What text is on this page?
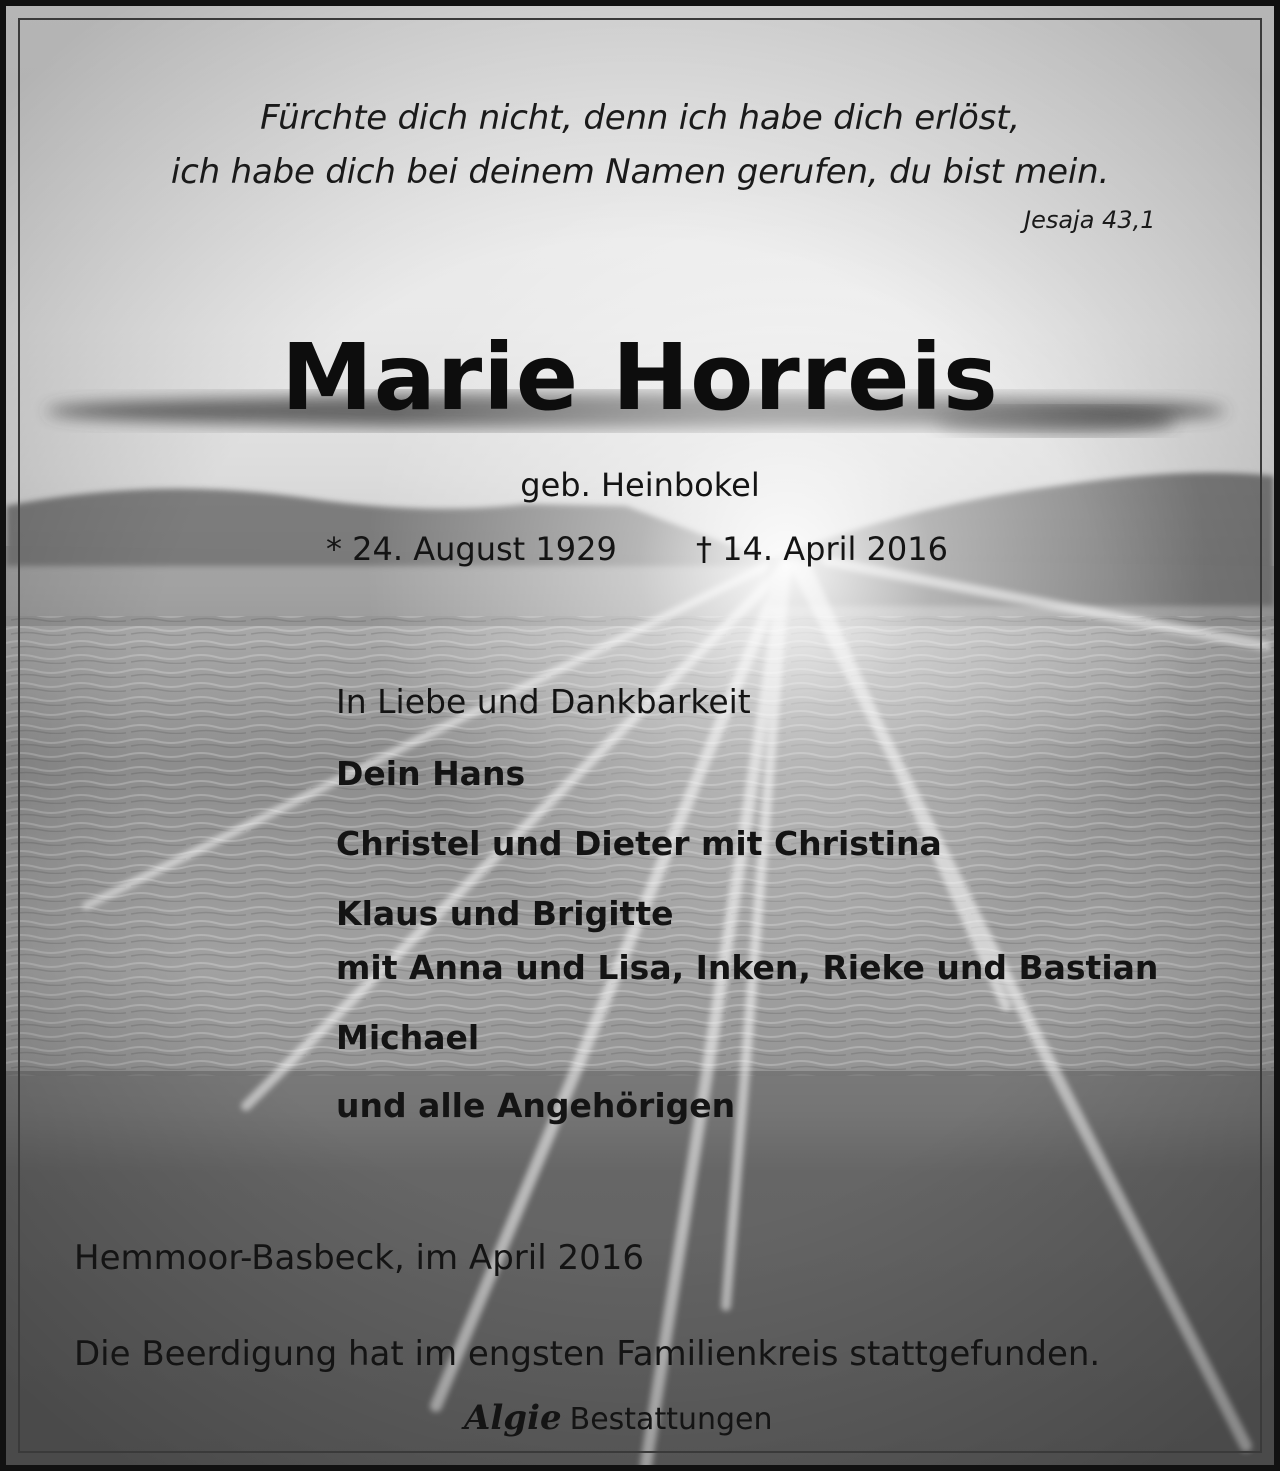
Fürchte dich nicht, denn ich habe dich erlöst,
ich habe dich bei deinem Namen gerufen, du bist mein.
Jesaja 43,1
Marie Horreis
geb. Heinbokel
* 24. August 1929 † 14. April 2016
In Liebe und Dankbarkeit
Dein Hans
Christel und Dieter mit Christina
Klaus und Brigitte
mit Anna und Lisa, Inken, Rieke und Bastian
Michael
und alle Angehörigen
Hemmoor-Basbeck, im April 2016
Die Beerdigung hat im engsten Familienkreis stattgefunden.
Algie Bestattungen
